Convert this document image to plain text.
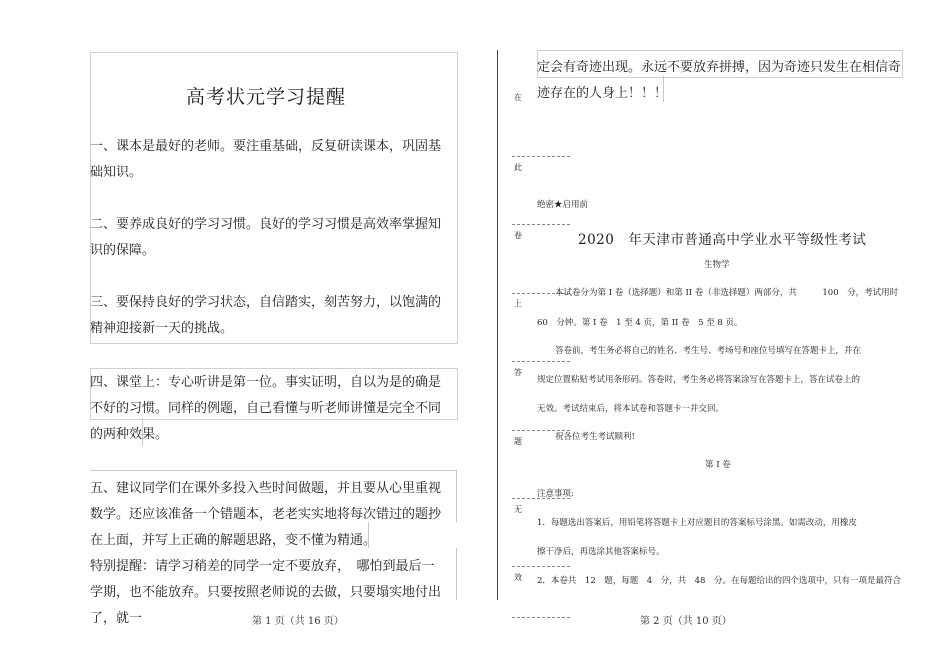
高考状元学习提醒
一、课本是最好的老师。要注重基础，反复研读课本，巩固基础知识。
二、要养成良好的学习习惯。良好的学习习惯是高效率掌握知识的保障。
三、要保持良好的学习状态，自信踏实，刻苦努力，以饱满的精神迎接新一天的挑战。
四、课堂上：专心听讲是第一位。事实证明，自以为是的确是不好的习惯。同样的例题，自己看懂与听老师讲懂是完全不同的两种效果。
五、建议同学们在课外多投入些时间做题，并且要从心里重视数学。还应该准备一个错题本，老老实实地将每次错过的题抄在上面，并写上正确的解题思路，变不懂为精通。
特别提醒：请学习稍差的同学一定不要放弃，　哪怕到最后一学期，也不能放弃。只要按照老师说的去做，只要塌实地付出了，就一	第 1 页（共 16 页）
定会有奇迹出现。永远不要放弃拼搏，因为奇迹只发生在相信奇
迹存在的人身上！！！
在
此
卷
上
答
题
无
效
绝密★启用前
2020　年天津市普通高中学业水平等级性考试
生物学
本试卷分为第 I 卷（选择题）和第 II 卷（非选择题）两部分，共　　　100　分，考试用时
60　分钟。第 I 卷　1 至 4 页，第 II 卷　5 至 8 页。
答卷前，考生务必将自己的姓名、考生号、考场号和座位号填写在答题卡上，并在
规定位置粘贴考试用条形码。答卷时，考生务必将答案涂写在答题卡上，答在试卷上的
无效。考试结束后，将本试卷和答题卡一并交回。
祝各位考生考试顺利!
第 I 卷
注意事项:
1．每题选出答案后，用铅笔将答题卡上对应题目的答案标号涂黑。如需改动，用橡皮
擦干净后，再选涂其他答案标号。
2．本卷共　12　题，每题　4　分，共　48　分。在每题给出的四个选项中，只有一项是最符合
第 2 页（共 10 页）
